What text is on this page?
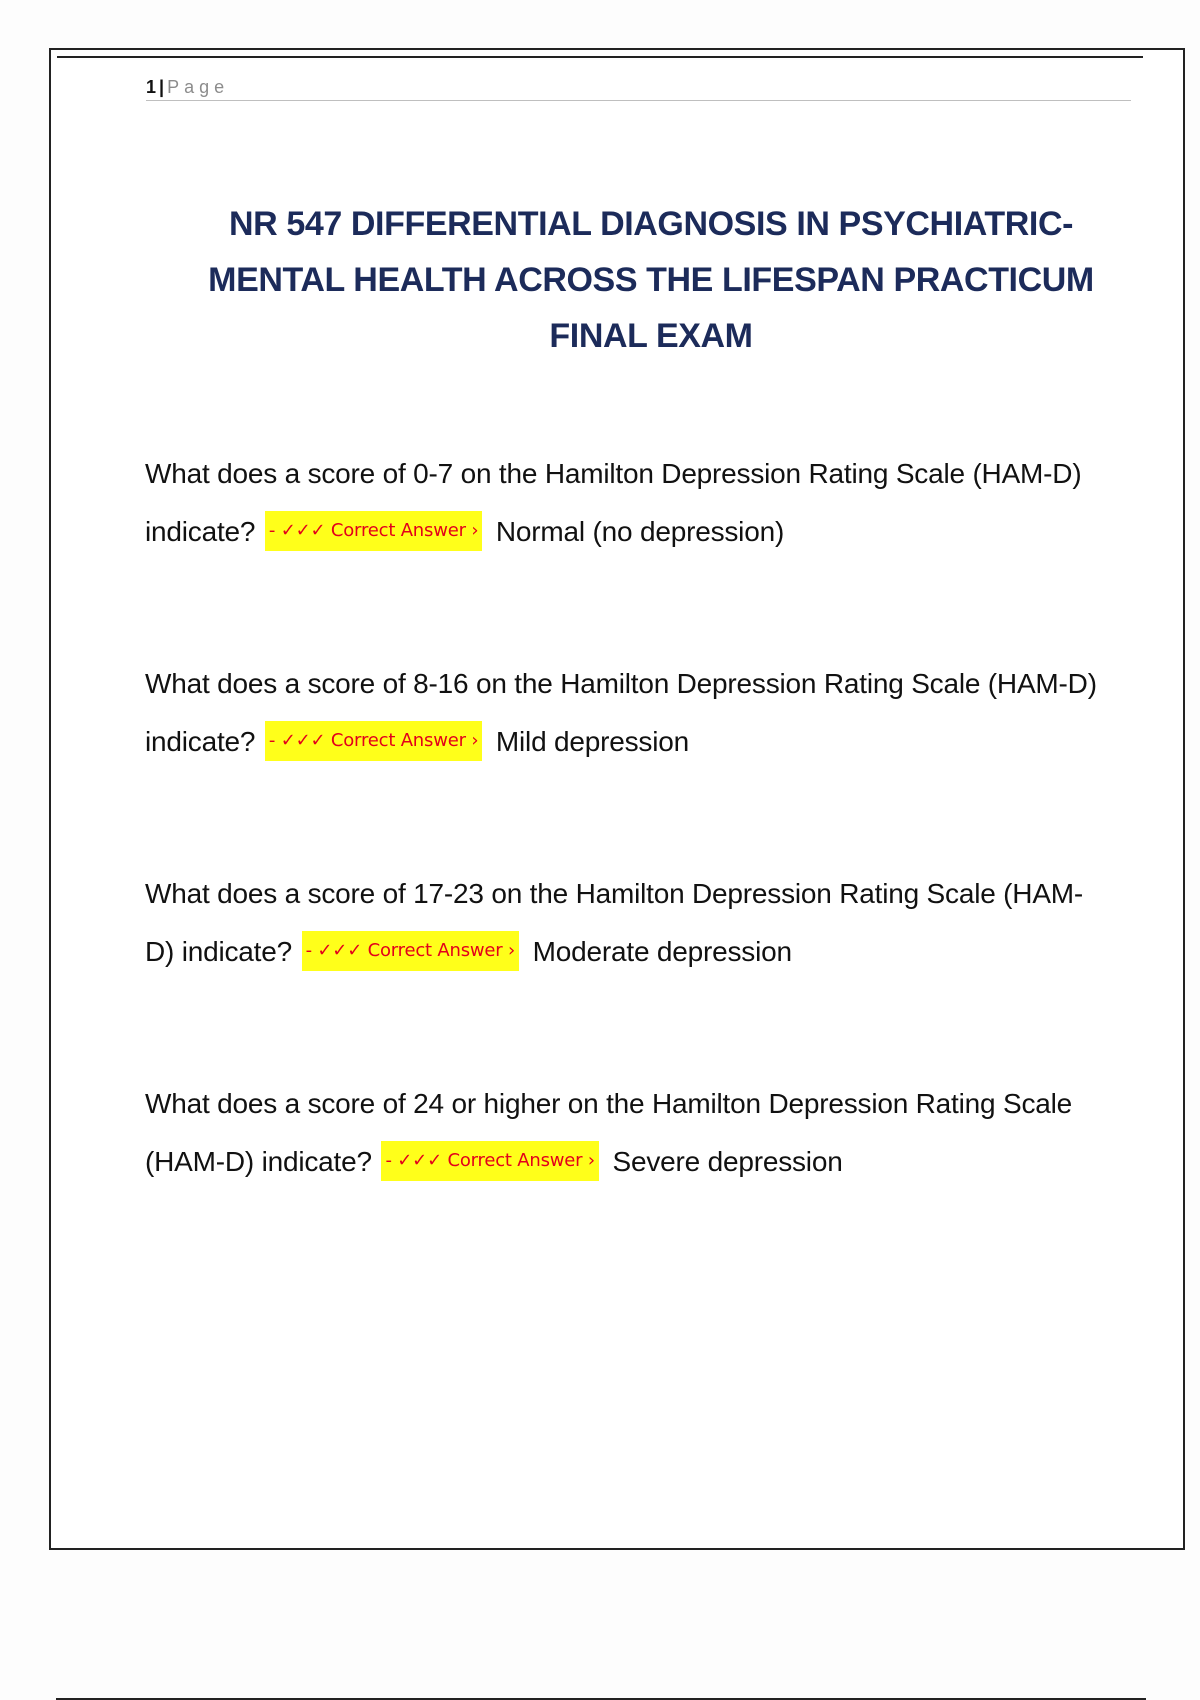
1 | Page
NR 547 DIFFERENTIAL DIAGNOSIS IN PSYCHIATRIC-
MENTAL HEALTH ACROSS THE LIFESPAN PRACTICUM
FINAL EXAM
What does a score of 0-7 on the Hamilton Depression Rating Scale (HAM-D) indicate? - ✓✓✓ Correct Answer › Normal (no depression)
What does a score of 8-16 on the Hamilton Depression Rating Scale (HAM-D) indicate? - ✓✓✓ Correct Answer › Mild depression
What does a score of 17-23 on the Hamilton Depression Rating Scale (HAM-D) indicate? - ✓✓✓ Correct Answer › Moderate depression
What does a score of 24 or higher on the Hamilton Depression Rating Scale (HAM-D) indicate? - ✓✓✓ Correct Answer › Severe depression
